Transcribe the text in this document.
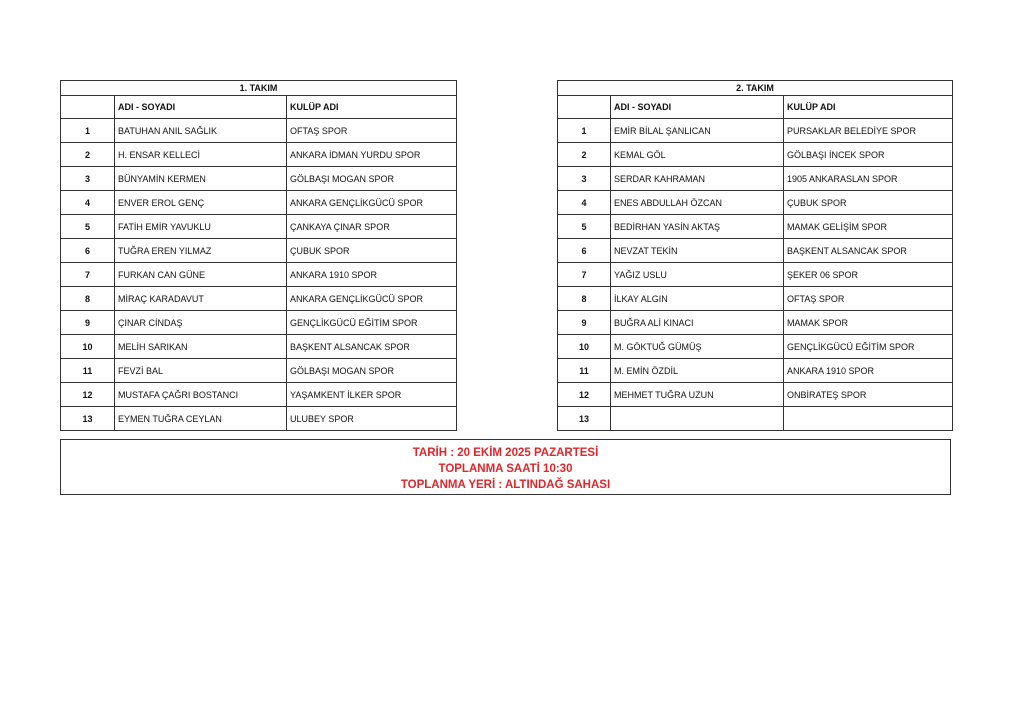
1. TAKIM		
	ADI - SOYADI	KULÜP ADI
1	BATUHAN ANIL SAĞLIK	OFTAŞ SPOR
2	H. ENSAR KELLECİ	ANKARA İDMAN YURDU SPOR
3	BÜNYAMİN KERMEN	GÖLBAŞI MOGAN SPOR
4	ENVER EROL GENÇ	ANKARA GENÇLİKGÜCÜ SPOR
5	FATİH EMİR YAVUKLU	ÇANKAYA ÇINAR SPOR
6	TUĞRA EREN YILMAZ	ÇUBUK SPOR
7	FURKAN CAN GÜNE	ANKARA 1910 SPOR
8	MİRAÇ KARADAVUT	ANKARA GENÇLİKGÜCÜ SPOR
9	ÇINAR CİNDAŞ	GENÇLİKGÜCÜ EĞİTİM SPOR
10	MELİH SARIKAN	BAŞKENT ALSANCAK SPOR
11	FEVZİ BAL	GÖLBAŞI MOGAN SPOR
12	MUSTAFA ÇAĞRI BOSTANCI	YAŞAMKENT İLKER SPOR
13	EYMEN TUĞRA CEYLAN	ULUBEY SPOR
2. TAKIM		
	ADI - SOYADI	KULÜP ADI
1	EMİR BİLAL ŞANLICAN	PURSAKLAR BELEDİYE SPOR
2	KEMAL GÖL	GÖLBAŞI İNCEK SPOR
3	SERDAR KAHRAMAN	1905 ANKARASLAN SPOR
4	ENES ABDULLAH ÖZCAN	ÇUBUK SPOR
5	BEDİRHAN YASİN AKTAŞ	MAMAK GELİŞİM SPOR
6	NEVZAT TEKİN	BAŞKENT ALSANCAK SPOR
7	YAĞIZ USLU	ŞEKER 06 SPOR
8	İLKAY ALGIN	OFTAŞ SPOR
9	BUĞRA ALİ KINACI	MAMAK SPOR
10	M. GÖKTUĞ GÜMÜŞ	GENÇLİKGÜCÜ EĞİTİM SPOR
11	M. EMİN ÖZDİL	ANKARA 1910 SPOR
12	MEHMET TUĞRA UZUN	ONBİRATEŞ SPOR
13		
TARİH : 20 EKİM 2025 PAZARTESİ
TOPLANMA SAATİ 10:30
TOPLANMA YERİ : ALTINDAĞ SAHASI
